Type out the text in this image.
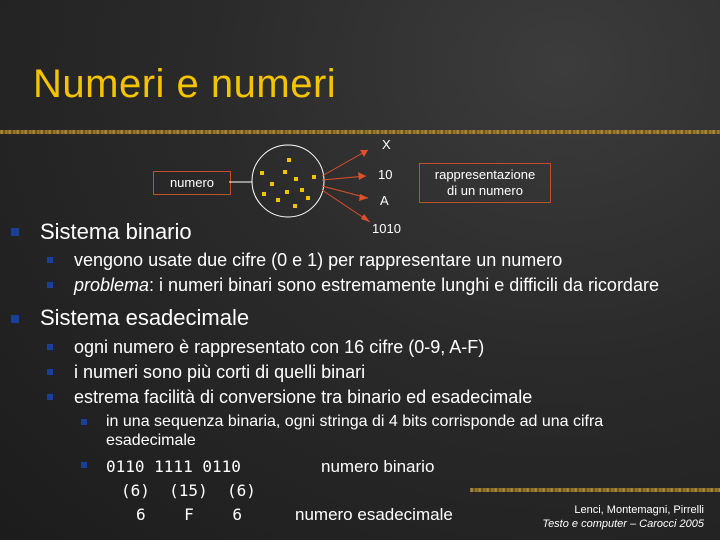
Numeri e numeri
numero
X
10
A
1010
rappresentazione
di un numero
Sistema binario
vengono usate due cifre (0 e 1) per rappresentare un numero
problema: i numeri binari sono estremamente lunghi e difficili da ricordare
Sistema esadecimale
ogni numero è rappresentato con 16 cifre (0-9, A-F)
i numeri sono più corti di quelli binari
estrema facilità di conversione tra binario ed esadecimale
in una sequenza binaria, ogni stringa di 4 bits corrisponde ad una cifra
esadecimale
0110 1111 0110	numero binario
(6)  (15)  (6)
6    F    6	numero esadecimale	Lenci, Montemagni, Pirrelli
Testo e computer – Carocci 2005
